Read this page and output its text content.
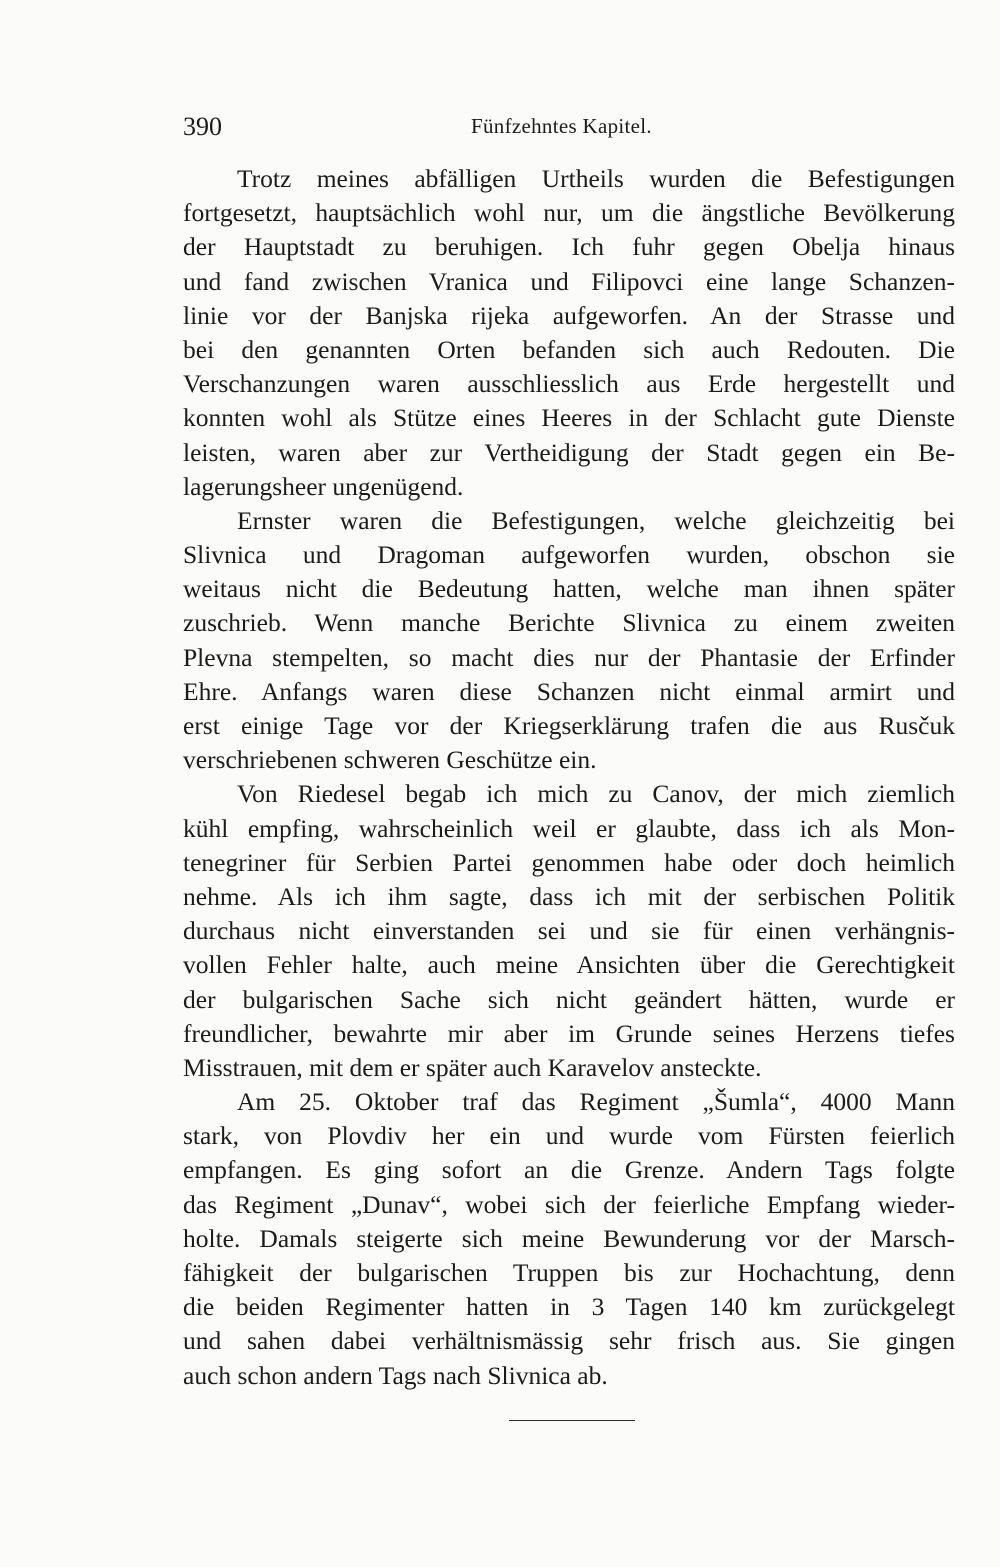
390	Fünfzehntes Kapitel.
Trotz meines abfälligen Urtheils wurden die Befestigungen
fortgesetzt, hauptsächlich wohl nur, um die ängstliche Bevölkerung
der Hauptstadt zu beruhigen. Ich fuhr gegen Obelja hinaus
und fand zwischen Vranica und Filipovci eine lange Schanzen-
linie vor der Banjska rijeka aufgeworfen. An der Strasse und
bei den genannten Orten befanden sich auch Redouten. Die
Verschanzungen waren ausschliesslich aus Erde hergestellt und
konnten wohl als Stütze eines Heeres in der Schlacht gute Dienste
leisten, waren aber zur Vertheidigung der Stadt gegen ein Be-
lagerungsheer ungenügend.
Ernster waren die Befestigungen, welche gleichzeitig bei
Slivnica und Dragoman aufgeworfen wurden, obschon sie
weitaus nicht die Bedeutung hatten, welche man ihnen später
zuschrieb. Wenn manche Berichte Slivnica zu einem zweiten
Plevna stempelten, so macht dies nur der Phantasie der Erfinder
Ehre. Anfangs waren diese Schanzen nicht einmal armirt und
erst einige Tage vor der Kriegserklärung trafen die aus Rusčuk
verschriebenen schweren Geschütze ein.
Von Riedesel begab ich mich zu Canov, der mich ziemlich
kühl empfing, wahrscheinlich weil er glaubte, dass ich als Mon-
tenegriner für Serbien Partei genommen habe oder doch heimlich
nehme. Als ich ihm sagte, dass ich mit der serbischen Politik
durchaus nicht einverstanden sei und sie für einen verhängnis-
vollen Fehler halte, auch meine Ansichten über die Gerechtigkeit
der bulgarischen Sache sich nicht geändert hätten, wurde er
freundlicher, bewahrte mir aber im Grunde seines Herzens tiefes
Misstrauen, mit dem er später auch Karavelov ansteckte.
Am 25. Oktober traf das Regiment „Šumla“, 4000 Mann
stark, von Plovdiv her ein und wurde vom Fürsten feierlich
empfangen. Es ging sofort an die Grenze. Andern Tags folgte
das Regiment „Dunav“, wobei sich der feierliche Empfang wieder-
holte. Damals steigerte sich meine Bewunderung vor der Marsch-
fähigkeit der bulgarischen Truppen bis zur Hochachtung, denn
die beiden Regimenter hatten in 3 Tagen 140 km zurückgelegt
und sahen dabei verhältnismässig sehr frisch aus. Sie gingen
auch schon andern Tags nach Slivnica ab.
